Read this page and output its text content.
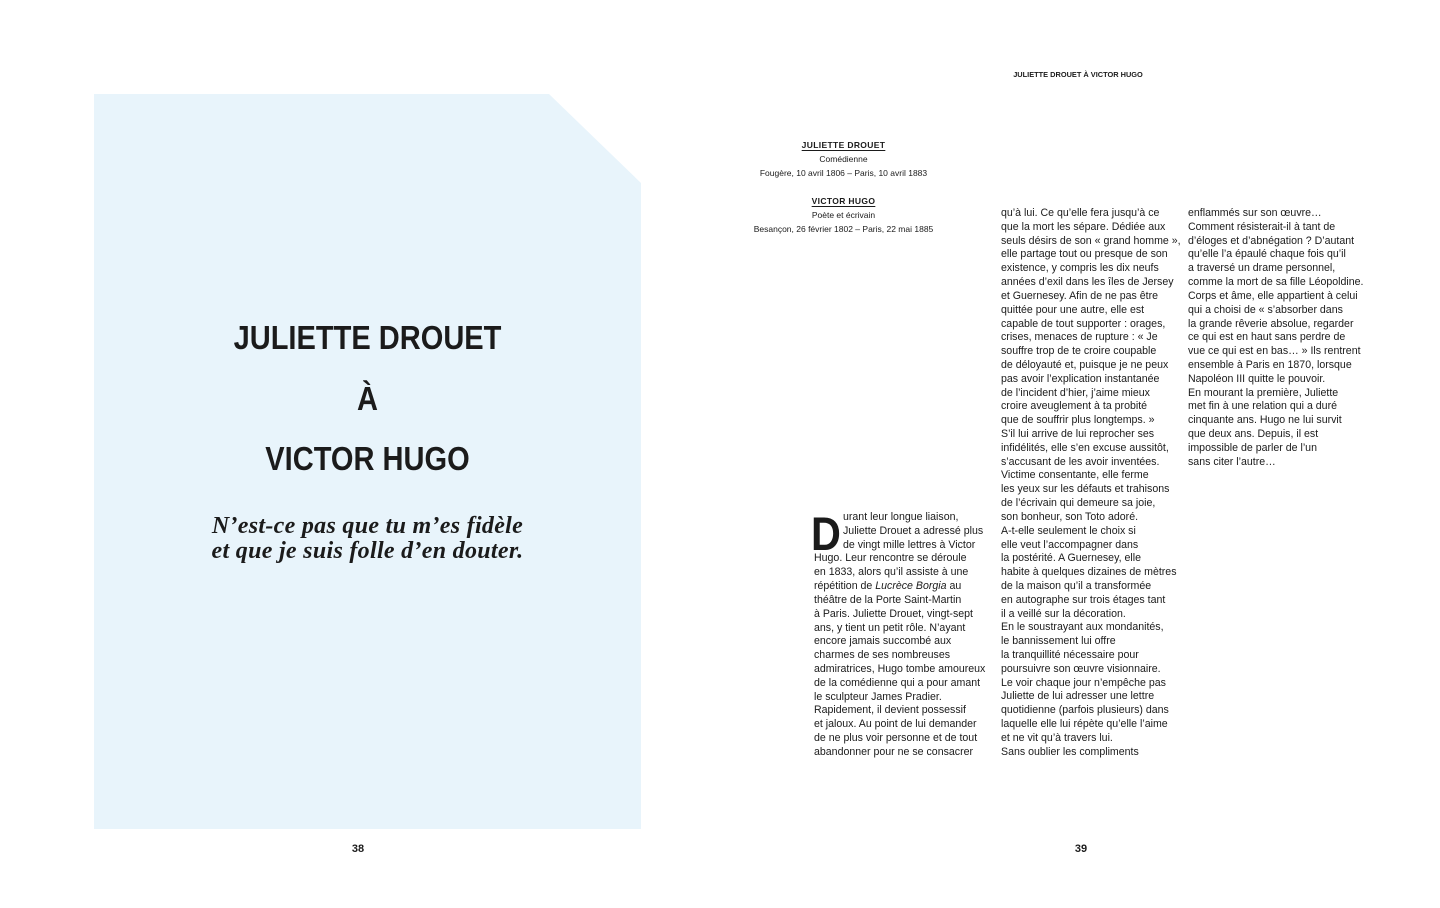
JULIETTE DROUET
À
VICTOR HUGO
N’est-ce pas que tu m’es fidèle
et que je suis folle d’en douter.
38
JULIETTE DROUET À VICTOR HUGO
JULIETTE DROUET
Comédienne
Fougère, 10 avril 1806 – Paris, 10 avril 1883
VICTOR HUGO
Poète et écrivain
Besançon, 26 février 1802 – Paris, 22 mai 1885
D urant leur longue liaison,
Juliette Drouet a adressé plus
de vingt mille lettres à Victor
Hugo. Leur rencontre se déroule
en 1833, alors qu’il assiste à une
répétition de Lucrèce Borgia au
théâtre de la Porte Saint-Martin
à Paris. Juliette Drouet, vingt-sept
ans, y tient un petit rôle. N’ayant
encore jamais succombé aux
charmes de ses nombreuses
admiratrices, Hugo tombe amoureux
de la comédienne qui a pour amant
le sculpteur James Pradier.
Rapidement, il devient possessif
et jaloux. Au point de lui demander
de ne plus voir personne et de tout
abandonner pour ne se consacrer
qu’à lui. Ce qu’elle fera jusqu’à ce
que la mort les sépare. Dédiée aux
seuls désirs de son « grand homme »,
elle partage tout ou presque de son
existence, y compris les dix neufs
années d’exil dans les îles de Jersey
et Guernesey. Afin de ne pas être
quittée pour une autre, elle est
capable de tout supporter : orages,
crises, menaces de rupture : « Je
souffre trop de te croire coupable
de déloyauté et, puisque je ne peux
pas avoir l’explication instantanée
de l’incident d’hier, j’aime mieux
croire aveuglement à ta probité
que de souffrir plus longtemps. »
S’il lui arrive de lui reprocher ses
infidélités, elle s’en excuse aussitôt,
s’accusant de les avoir inventées.
Victime consentante, elle ferme
les yeux sur les défauts et trahisons
de l’écrivain qui demeure sa joie,
son bonheur, son Toto adoré.
A-t-elle seulement le choix si
elle veut l’accompagner dans
la postérité. A Guernesey, elle
habite à quelques dizaines de mètres
de la maison qu’il a transformée
en autographe sur trois étages tant
il a veillé sur la décoration.
En le soustrayant aux mondanités,
le bannissement lui offre
la tranquillité nécessaire pour
poursuivre son œuvre visionnaire.
Le voir chaque jour n’empêche pas
Juliette de lui adresser une lettre
quotidienne (parfois plusieurs) dans
laquelle elle lui répète qu’elle l’aime
et ne vit qu’à travers lui.
Sans oublier les compliments
enflammés sur son œuvre…
Comment résisterait-il à tant de
d’éloges et d’abnégation ? D’autant
qu’elle l’a épaulé chaque fois qu’il
a traversé un drame personnel,
comme la mort de sa fille Léopoldine.
Corps et âme, elle appartient à celui
qui a choisi de « s’absorber dans
la grande rêverie absolue, regarder
ce qui est en haut sans perdre de
vue ce qui est en bas… » Ils rentrent
ensemble à Paris en 1870, lorsque
Napoléon III quitte le pouvoir.
En mourant la première, Juliette
met fin à une relation qui a duré
cinquante ans. Hugo ne lui survit
que deux ans. Depuis, il est
impossible de parler de l’un
sans citer l’autre…
39
